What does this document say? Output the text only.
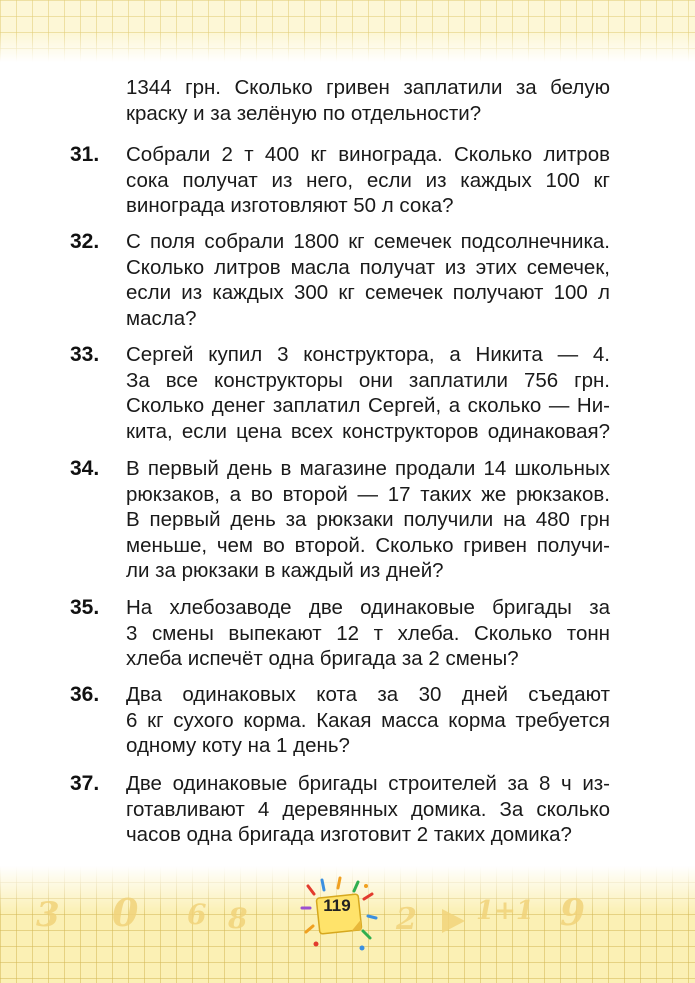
1344 грн. Сколько гривен заплатили за белую
краску и за зелёную по отдельности?
31. Собрали 2 т 400 кг винограда. Сколько литров
сока получат из него, если из каждых 100 кг
винограда изготовляют 50 л сока?
32. С поля собрали 1800 кг семечек подсолнечника.
Сколько литров масла получат из этих семечек,
если из каждых 300 кг семечек получают 100 л
масла?
33. Сергей купил 3 конструктора, а Никита — 4.
За все конструкторы они заплатили 756 грн.
Сколько денег заплатил Сергей, а сколько — Ни-
кита, если цена всех конструкторов одинаковая?
34. В первый день в магазине продали 14 школьных
рюкзаков, а во второй — 17 таких же рюкзаков.
В первый день за рюкзаки получили на 480 грн
меньше, чем во второй. Сколько гривен получи-
ли за рюкзаки в каждый из дней?
35. На хлебозаводе две одинаковые бригады за
3 смены выпекают 12 т хлеба. Сколько тонн
хлеба испечёт одна бригада за 2 смены?
36. Два одинаковых кота за 30 дней съедают
6 кг сухого корма. Какая масса корма требуется
одному коту на 1 день?
37. Две одинаковые бригады строителей за 8 ч из-
готавливают 4 деревянных домика. За сколько
часов одна бригада изготовит 2 таких домика?
3 0 6 8	2 1+1 9
119
